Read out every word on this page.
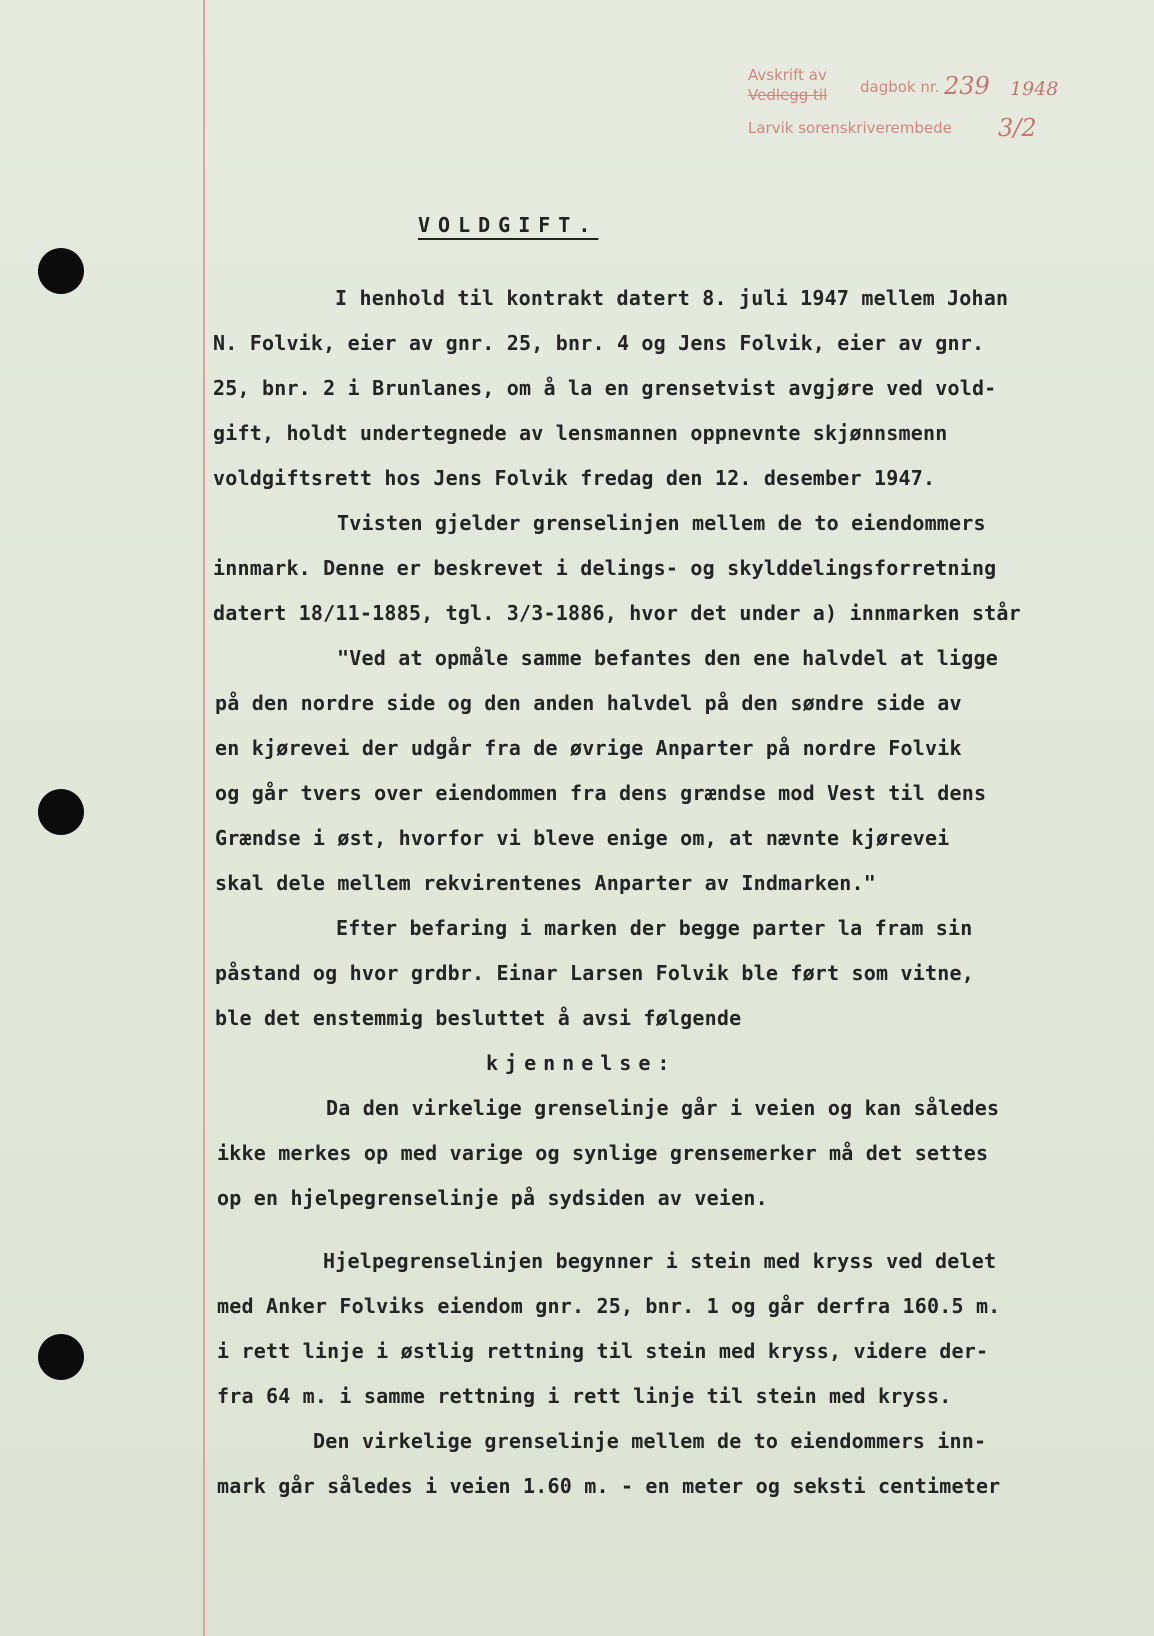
Avskrift av
Vedlegg til dagbok nr. 239 1948
Larvik sorenskriverembede 3/2
VOLDGIFT.
I henhold til kontrakt datert 8. juli 1947 mellem Johan
N. Folvik, eier av gnr. 25, bnr. 4 og Jens Folvik, eier av gnr.
25, bnr. 2 i Brunlanes, om å la en grensetvist avgjøre ved vold-
gift, holdt undertegnede av lensmannen oppnevnte skjønnsmenn
voldgiftsrett hos Jens Folvik fredag den 12. desember 1947.
Tvisten gjelder grenselinjen mellem de to eiendommers
innmark. Denne er beskrevet i delings- og skylddelingsforretning
datert 18/11-1885, tgl. 3/3-1886, hvor det under a) innmarken står
"Ved at opmåle samme befantes den ene halvdel at ligge
på den nordre side og den anden halvdel på den søndre side av
en kjørevei der udgår fra de øvrige Anparter på nordre Folvik
og går tvers over eiendommen fra dens grændse mod Vest til dens
Grændse i øst, hvorfor vi bleve enige om, at nævnte kjørevei
skal dele mellem rekvirentenes Anparter av Indmarken."
Efter befaring i marken der begge parter la fram sin
påstand og hvor grdbr. Einar Larsen Folvik ble ført som vitne,
ble det enstemmig besluttet å avsi følgende
kjennelse:
Da den virkelige grenselinje går i veien og kan således
ikke merkes op med varige og synlige grensemerker må det settes
op en hjelpegrenselinje på sydsiden av veien.
Hjelpegrenselinjen begynner i stein med kryss ved delet
med Anker Folviks eiendom gnr. 25, bnr. 1 og går derfra 160.5 m.
i rett linje i østlig rettning til stein med kryss, videre der-
fra 64 m. i samme rettning i rett linje til stein med kryss.
Den virkelige grenselinje mellem de to eiendommers inn-
mark går således i veien 1.60 m. - en meter og seksti centimeter
